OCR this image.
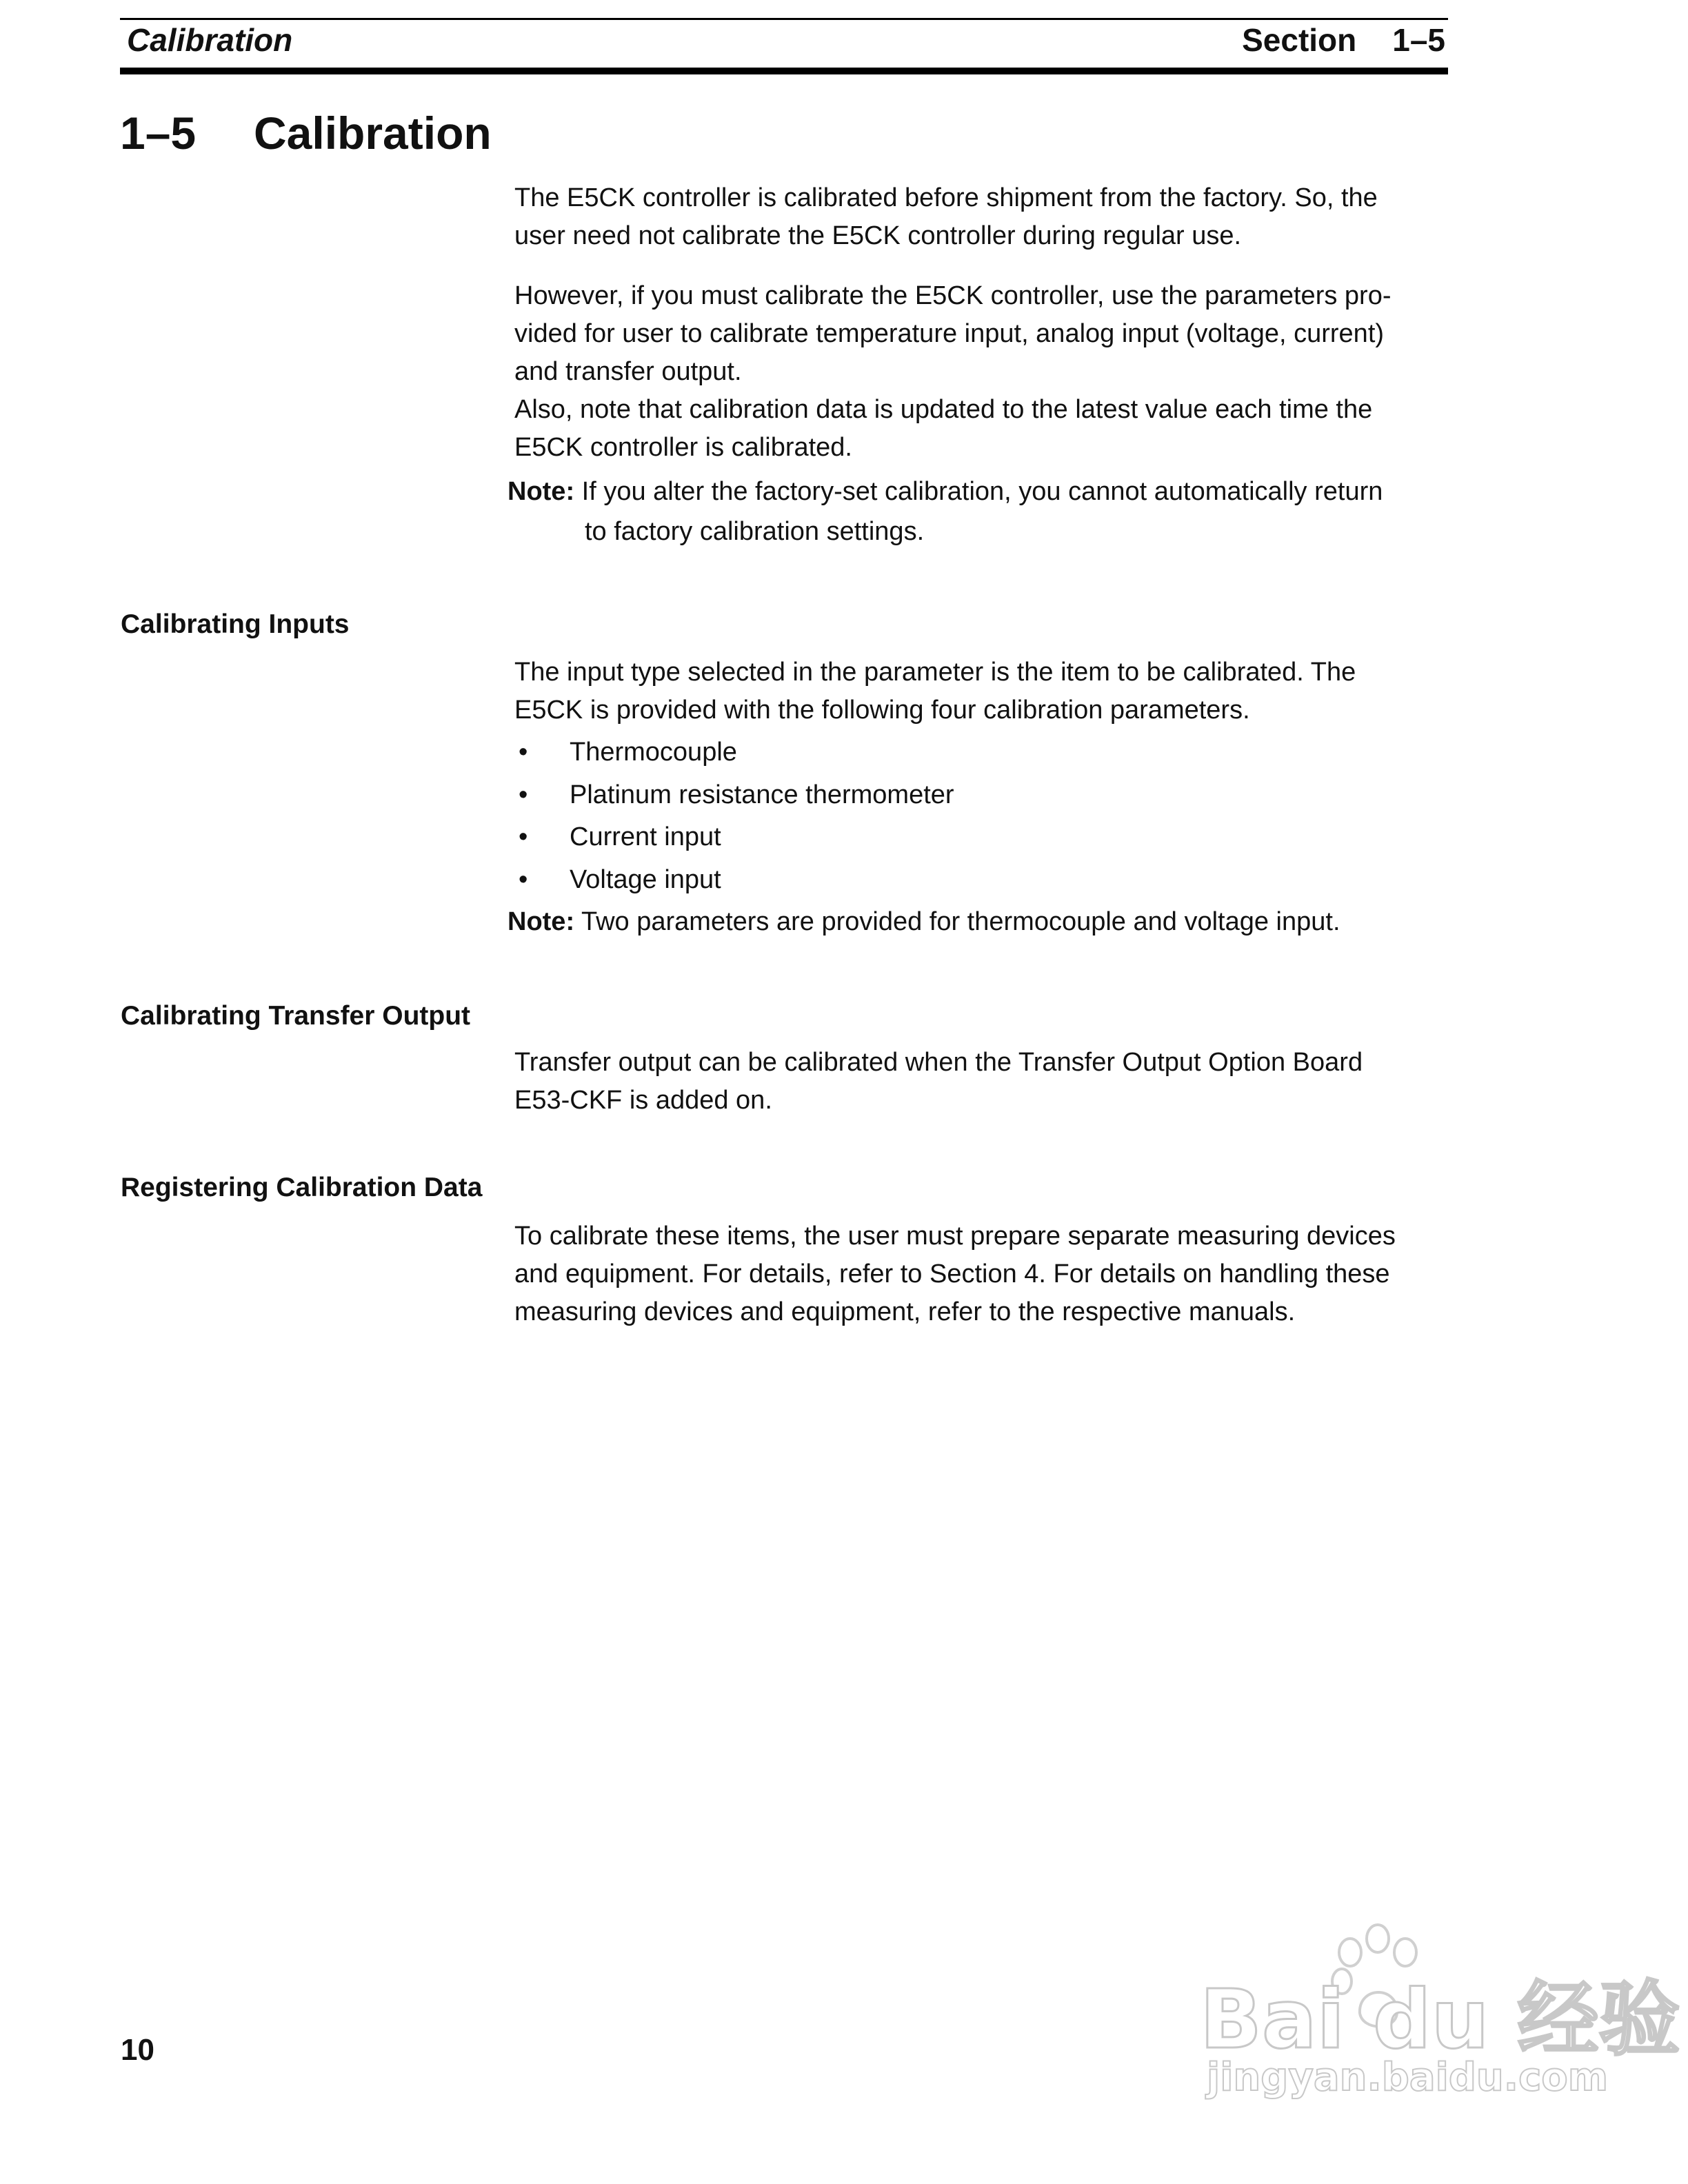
Calibration	Section 1–5
1–5 Calibration

The E5CK controller is calibrated before shipment from the factory. So, the

user need not calibrate the E5CK controller during regular use.

However, if you must calibrate the E5CK controller, use the parameters pro-

vided for user to calibrate temperature input, analog input (voltage, current)

and transfer output.

Also, note that calibration data is updated to the latest value each time the

E5CK controller is calibrated.

Note: If you alter the factory-set calibration, you cannot automatically return
to factory calibration settings.
Calibrating Inputs

The input type selected in the parameter is the item to be calibrated. The

E5CK is provided with the following four calibration parameters.

• Thermocouple
• Platinum resistance thermometer
• Current input
• Voltage input
Note: Two parameters are provided for thermocouple and voltage input.
Calibrating Transfer Output

Transfer output can be calibrated when the Transfer Output Option Board

E53-CKF is added on.

Registering Calibration Data

To calibrate these items, the user must prepare separate measuring devices

and equipment. For details, refer to Section 4. For details on handling these

measuring devices and equipment, refer to the respective manuals.

10	Bai du 经验
jingyan.baidu.com
